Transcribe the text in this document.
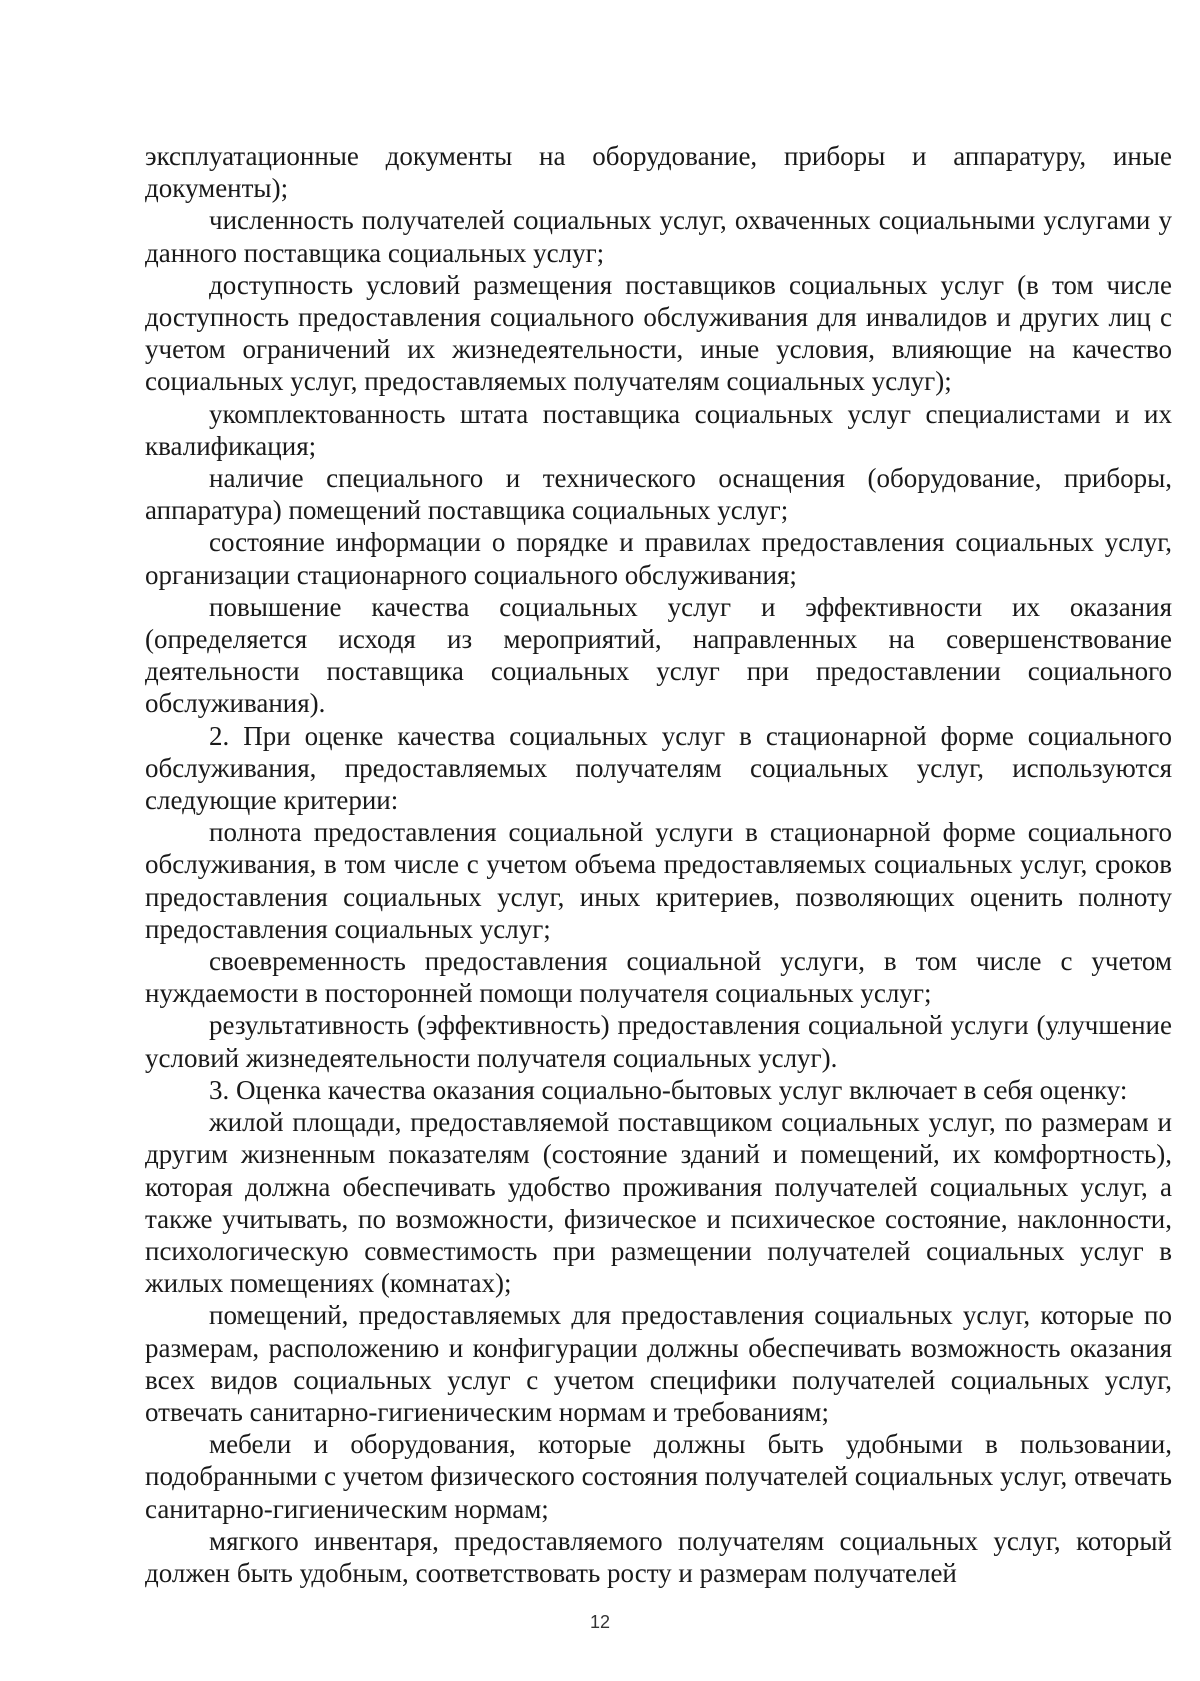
эксплуатационные документы на оборудование, приборы и аппаратуру, иные документы);

численность получателей социальных услуг, охваченных социальными услугами у данного поставщика социальных услуг;

доступность условий размещения поставщиков социальных услуг (в том числе доступность предоставления социального обслуживания для инвалидов и других лиц с учетом ограничений их жизнедеятельности, иные условия, влияющие на качество социальных услуг, предоставляемых получателям социальных услуг);

укомплектованность штата поставщика социальных услуг специалистами и их квалификация;

наличие специального и технического оснащения (оборудование, приборы, аппаратура) помещений поставщика социальных услуг;

состояние информации о порядке и правилах предоставления социальных услуг, организации стационарного социального обслуживания;

повышение качества социальных услуг и эффективности их оказания (определяется исходя из мероприятий, направленных на совершенствование деятельности поставщика социальных услуг при предоставлении социального обслуживания).

2. При оценке качества социальных услуг в стационарной форме социального обслуживания, предоставляемых получателям социальных услуг, используются следующие критерии:

полнота предоставления социальной услуги в стационарной форме социального обслуживания, в том числе с учетом объема предоставляемых социальных услуг, сроков предоставления социальных услуг, иных критериев, позволяющих оценить полноту предоставления социальных услуг;

своевременность предоставления социальной услуги, в том числе с учетом нуждаемости в посторонней помощи получателя социальных услуг;

результативность (эффективность) предоставления социальной услуги (улучшение условий жизнедеятельности получателя социальных услуг).

3. Оценка качества оказания социально-бытовых услуг включает в себя оценку:

жилой площади, предоставляемой поставщиком социальных услуг, по размерам и другим жизненным показателям (состояние зданий и помещений, их комфортность), которая должна обеспечивать удобство проживания получателей социальных услуг, а также учитывать, по возможности, физическое и психическое состояние, наклонности, психологическую совместимость при размещении получателей социальных услуг в жилых помещениях (комнатах);

помещений, предоставляемых для предоставления социальных услуг, которые по размерам, расположению и конфигурации должны обеспечивать возможность оказания всех видов социальных услуг с учетом специфики получателей социальных услуг, отвечать санитарно-гигиеническим нормам и требованиям;

мебели и оборудования, которые должны быть удобными в пользовании, подобранными с учетом физического состояния получателей социальных услуг, отвечать санитарно-гигиеническим нормам;

мягкого инвентаря, предоставляемого получателям социальных услуг, который должен быть удобным, соответствовать росту и размерам получателей

12
